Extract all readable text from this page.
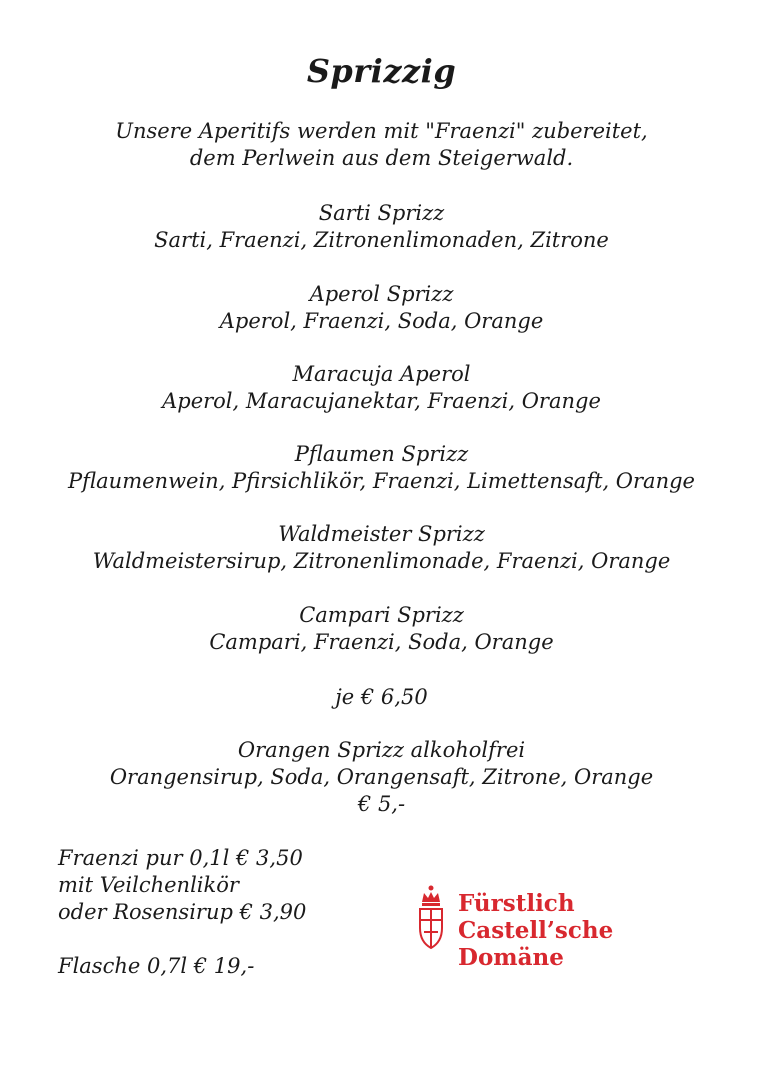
Sprizzig
Unsere Aperitifs werden mit "Fraenzi" zubereitet,
dem Perlwein aus dem Steigerwald.
Sarti Sprizz
Sarti, Fraenzi, Zitronenlimonaden, Zitrone
Aperol Sprizz
Aperol, Fraenzi, Soda, Orange
Maracuja Aperol
Aperol, Maracujanektar, Fraenzi, Orange
Pflaumen Sprizz
Pflaumenwein, Pfirsichlikör, Fraenzi, Limettensaft, Orange
Waldmeister Sprizz
Waldmeistersirup, Zitronenlimonade, Fraenzi, Orange
Campari Sprizz
Campari, Fraenzi, Soda, Orange
je € 6,50
Orangen Sprizz alkoholfrei
Orangensirup, Soda, Orangensaft, Zitrone, Orange
€ 5,-
Fraenzi pur 0,1l € 3,50
mit Veilchenlikör
oder Rosensirup € 3,90
Flasche 0,7l € 19,-
Fürstlich
Castell’sche
Domäne
